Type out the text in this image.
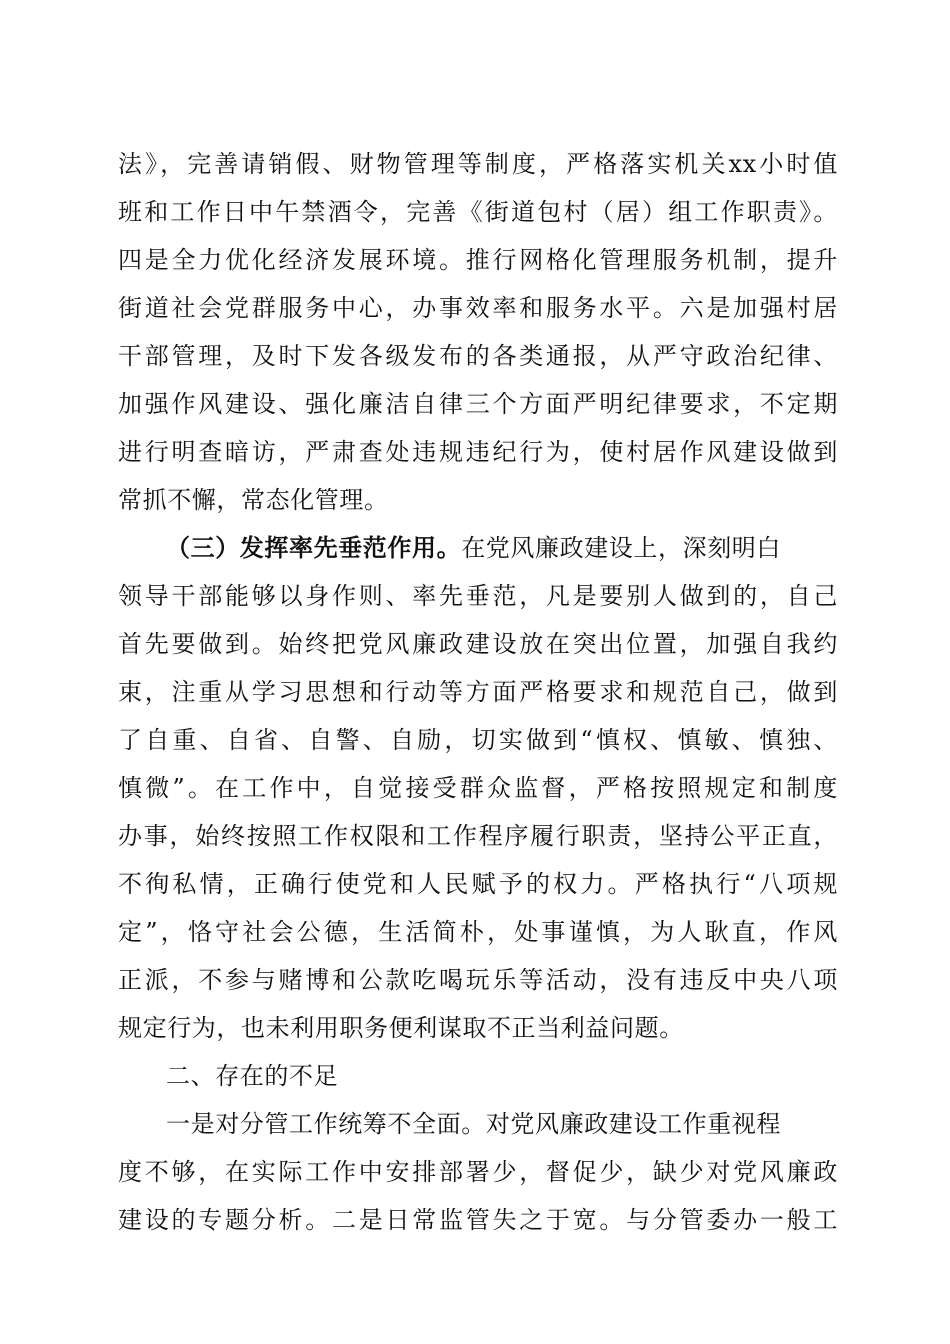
法》，完善请销假、财物管理等制度，严格落实机关xx小时值
班和工作日中午禁酒令，完善《街道包村（居）组工作职责》。
四是全力优化经济发展环境。推行网格化管理服务机制，提升
街道社会党群服务中心，办事效率和服务水平。六是加强村居
干部管理，及时下发各级发布的各类通报，从严守政治纪律、
加强作风建设、强化廉洁自律三个方面严明纪律要求，不定期
进行明查暗访，严肃查处违规违纪行为，使村居作风建设做到
常抓不懈，常态化管理。
（三）发挥率先垂范作用。在党风廉政建设上，深刻明白
领导干部能够以身作则、率先垂范，凡是要别人做到的，自己
首先要做到。始终把党风廉政建设放在突出位置，加强自我约
束，注重从学习思想和行动等方面严格要求和规范自己，做到
了自重、自省、自警、自励，切实做到“慎权、慎敏、慎独、
慎微”。在工作中，自觉接受群众监督，严格按照规定和制度
办事，始终按照工作权限和工作程序履行职责，坚持公平正直，
不徇私情，正确行使党和人民赋予的权力。严格执行“八项规
定”，恪守社会公德，生活简朴，处事谨慎，为人耿直，作风
正派，不参与赌博和公款吃喝玩乐等活动，没有违反中央八项
规定行为，也未利用职务便利谋取不正当利益问题。
二、存在的不足
一是对分管工作统筹不全面。对党风廉政建设工作重视程
度不够，在实际工作中安排部署少，督促少，缺少对党风廉政
建设的专题分析。二是日常监管失之于宽。与分管委办一般工
